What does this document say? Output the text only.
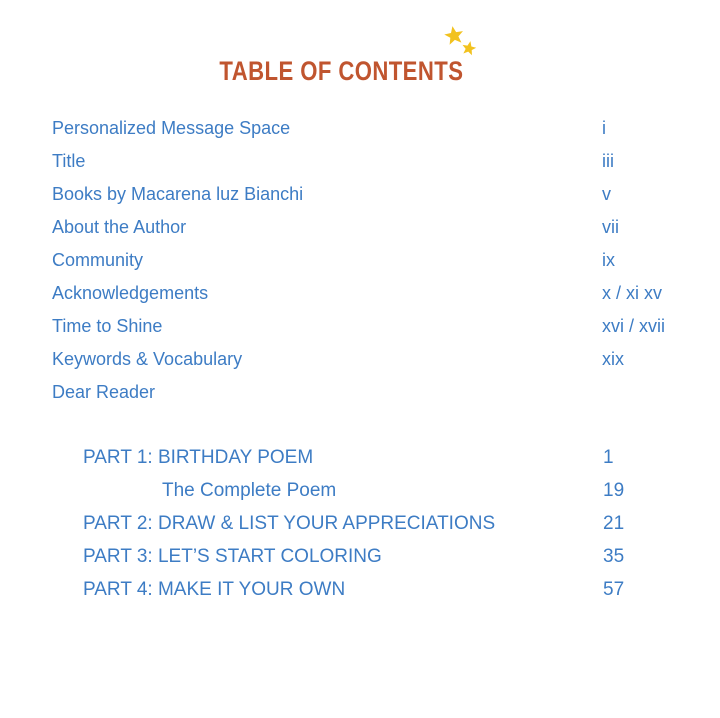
TABLE OF CONTENTS
Personalized Message Space	i
Title	iii
Books by Macarena luz Bianchi	v
About the Author	vii
Community	ix
Acknowledgements	x / xi xv
Time to Shine	xvi / xvii
Keywords & Vocabulary	xix
Dear Reader
PART 1: BIRTHDAY POEM	1
The Complete Poem	19
PART 2: DRAW & LIST YOUR APPRECIATIONS	21
PART 3: LET’S START COLORING	35
PART 4: MAKE IT YOUR OWN	57
